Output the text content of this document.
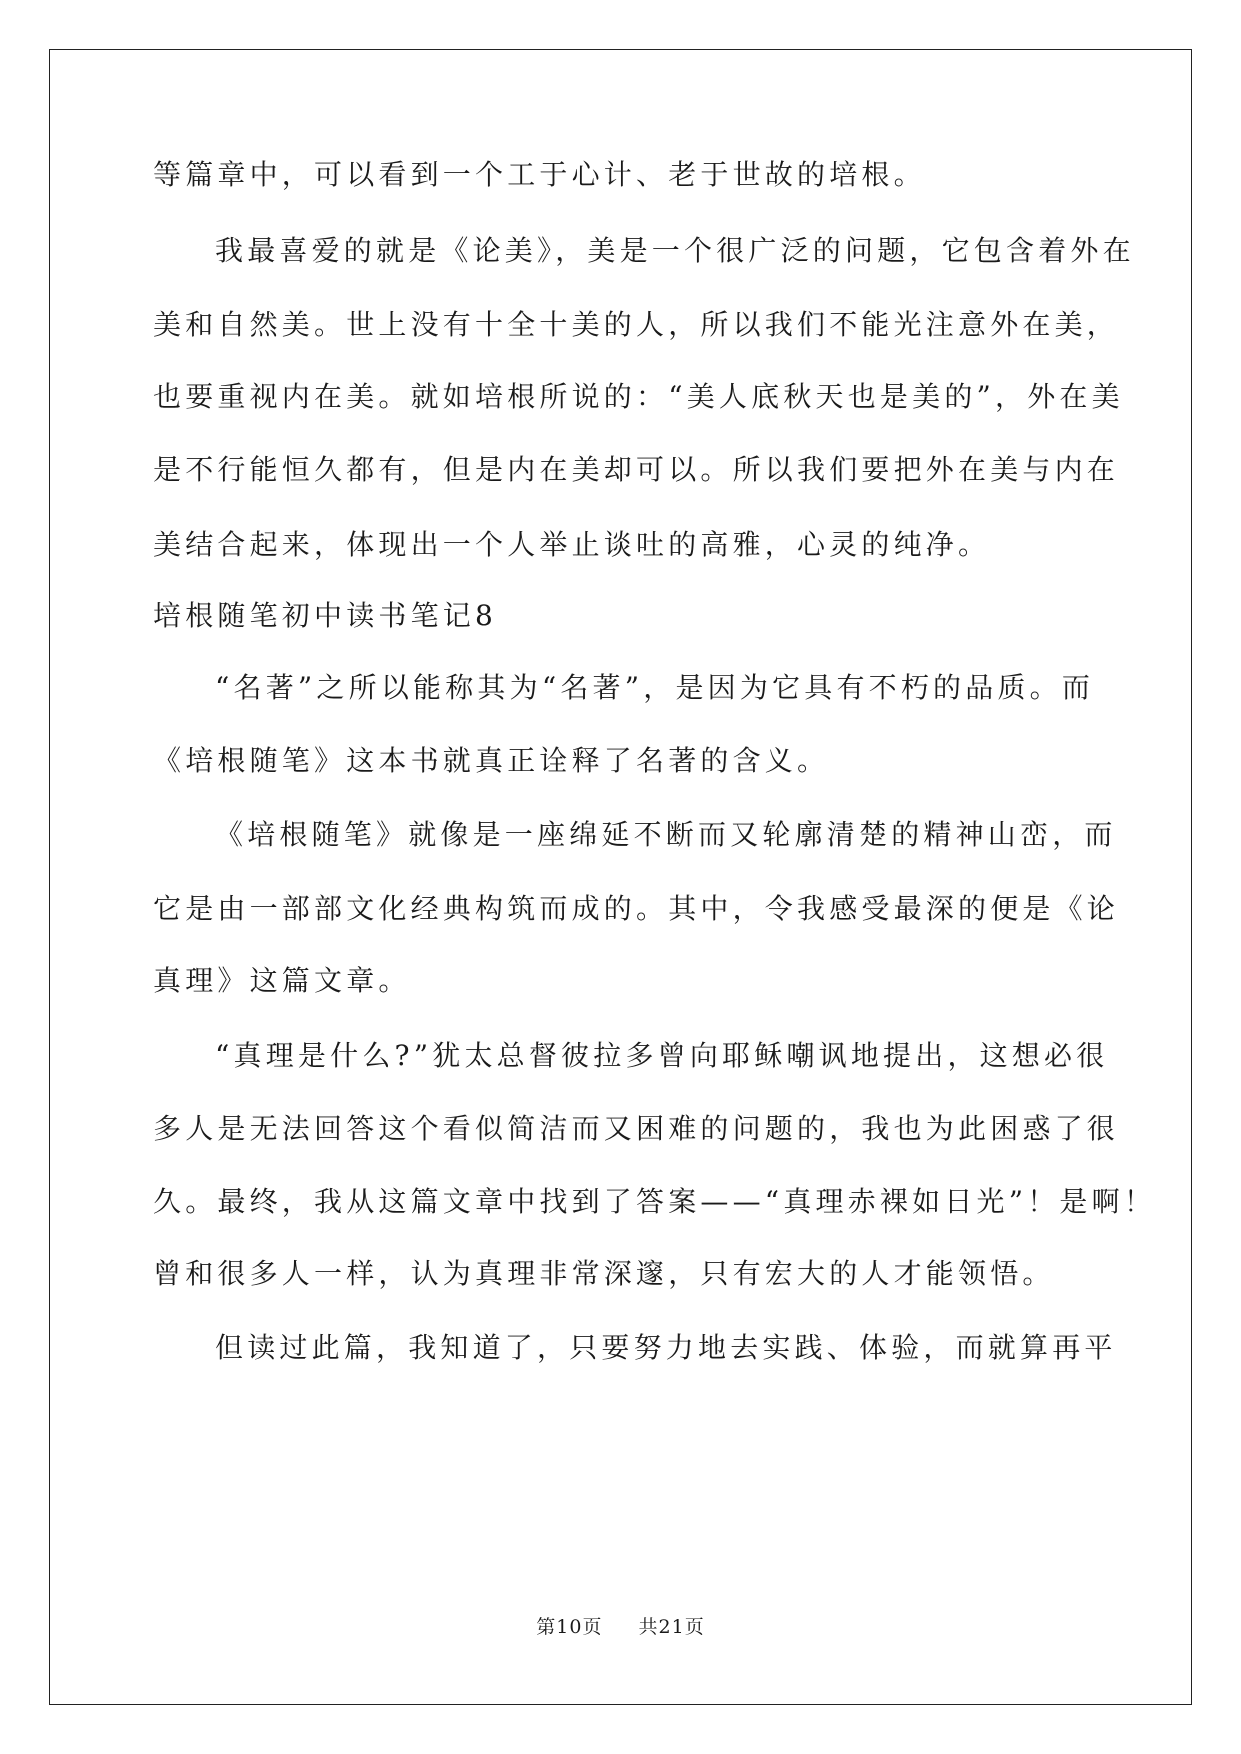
等篇章中，可以看到一个工于心计、老于世故的培根。
我最喜爱的就是《论美》，美是一个很广泛的问题，它包含着外在
美和自然美。世上没有十全十美的人，所以我们不能光注意外在美，
也要重视内在美。就如培根所说的：“美人底秋天也是美的”，外在美
是不行能恒久都有，但是内在美却可以。所以我们要把外在美与内在
美结合起来，体现出一个人举止谈吐的高雅，心灵的纯净。
培根随笔初中读书笔记8
“名著”之所以能称其为“名著”，是因为它具有不朽的品质。而
《培根随笔》这本书就真正诠释了名著的含义。
《培根随笔》就像是一座绵延不断而又轮廓清楚的精神山峦，而
它是由一部部文化经典构筑而成的。其中，令我感受最深的便是《论
真理》这篇文章。
“真理是什么?”犹太总督彼拉多曾向耶稣嘲讽地提出，这想必很
多人是无法回答这个看似简洁而又困难的问题的，我也为此困惑了很
久。最终，我从这篇文章中找到了答案——“真理赤裸如日光”！是啊！
曾和很多人一样，认为真理非常深邃，只有宏大的人才能领悟。
但读过此篇，我知道了，只要努力地去实践、体验，而就算再平
第10页 共21页
